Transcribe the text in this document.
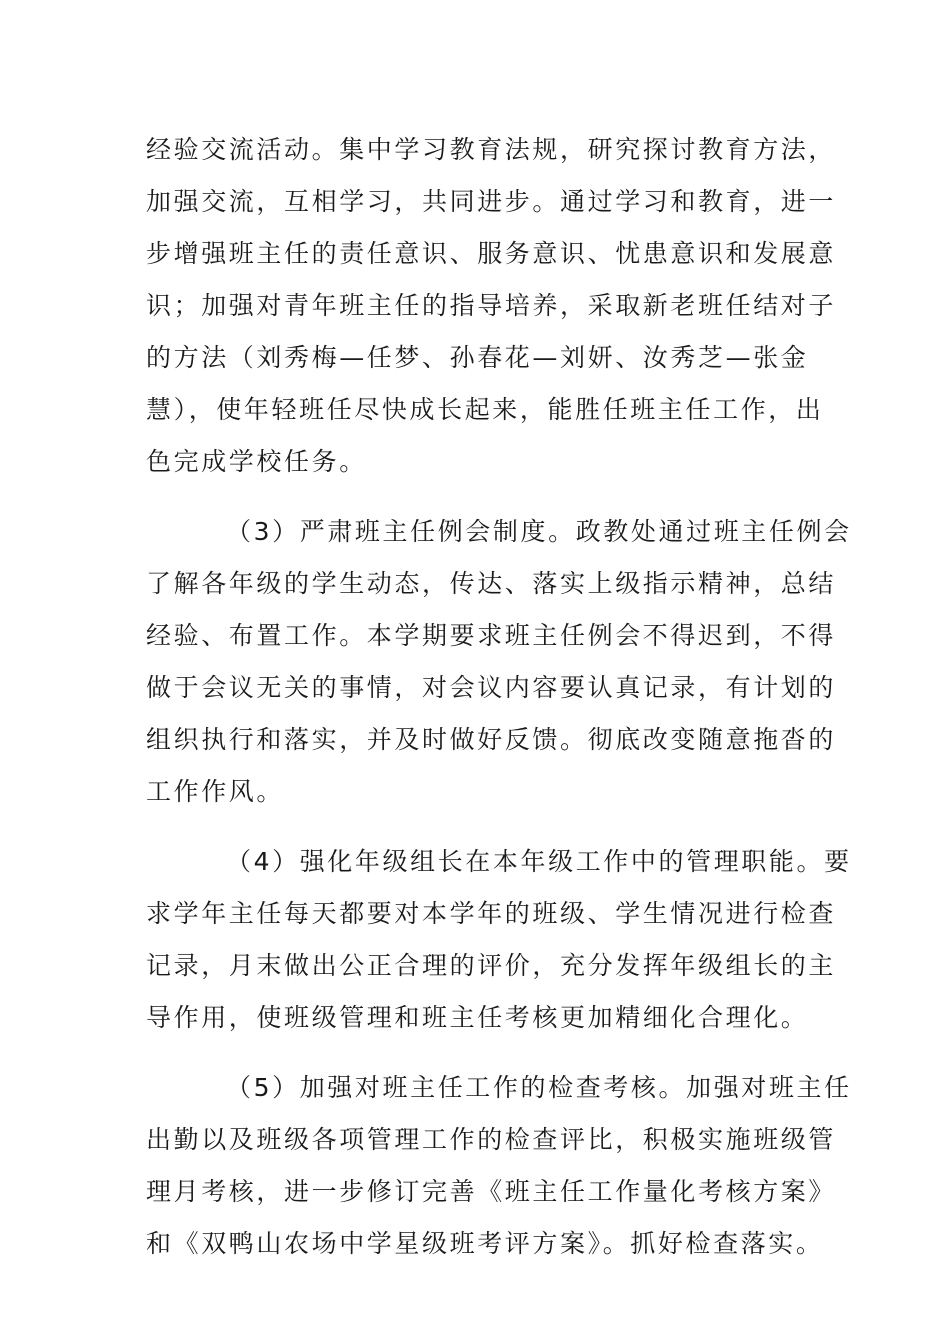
经验交流活动。集中学习教育法规，研究探讨教育方法，
加强交流，互相学习，共同进步。通过学习和教育，进一
步增强班主任的责任意识、服务意识、忧患意识和发展意
识；加强对青年班主任的指导培养，采取新老班任结对子
的方法（刘秀梅—任梦、孙春花—刘妍、汝秀芝—张金
慧），使年轻班任尽快成长起来，能胜任班主任工作，出
色完成学校任务。
（3）严肃班主任例会制度。政教处通过班主任例会
了解各年级的学生动态，传达、落实上级指示精神，总结
经验、布置工作。本学期要求班主任例会不得迟到，不得
做于会议无关的事情，对会议内容要认真记录，有计划的
组织执行和落实，并及时做好反馈。彻底改变随意拖沓的
工作作风。
（4）强化年级组长在本年级工作中的管理职能。要
求学年主任每天都要对本学年的班级、学生情况进行检查
记录，月末做出公正合理的评价，充分发挥年级组长的主
导作用，使班级管理和班主任考核更加精细化合理化。
（5）加强对班主任工作的检查考核。加强对班主任
出勤以及班级各项管理工作的检查评比，积极实施班级管
理月考核，进一步修订完善《班主任工作量化考核方案》
和《双鸭山农场中学星级班考评方案》。抓好检查落实。
